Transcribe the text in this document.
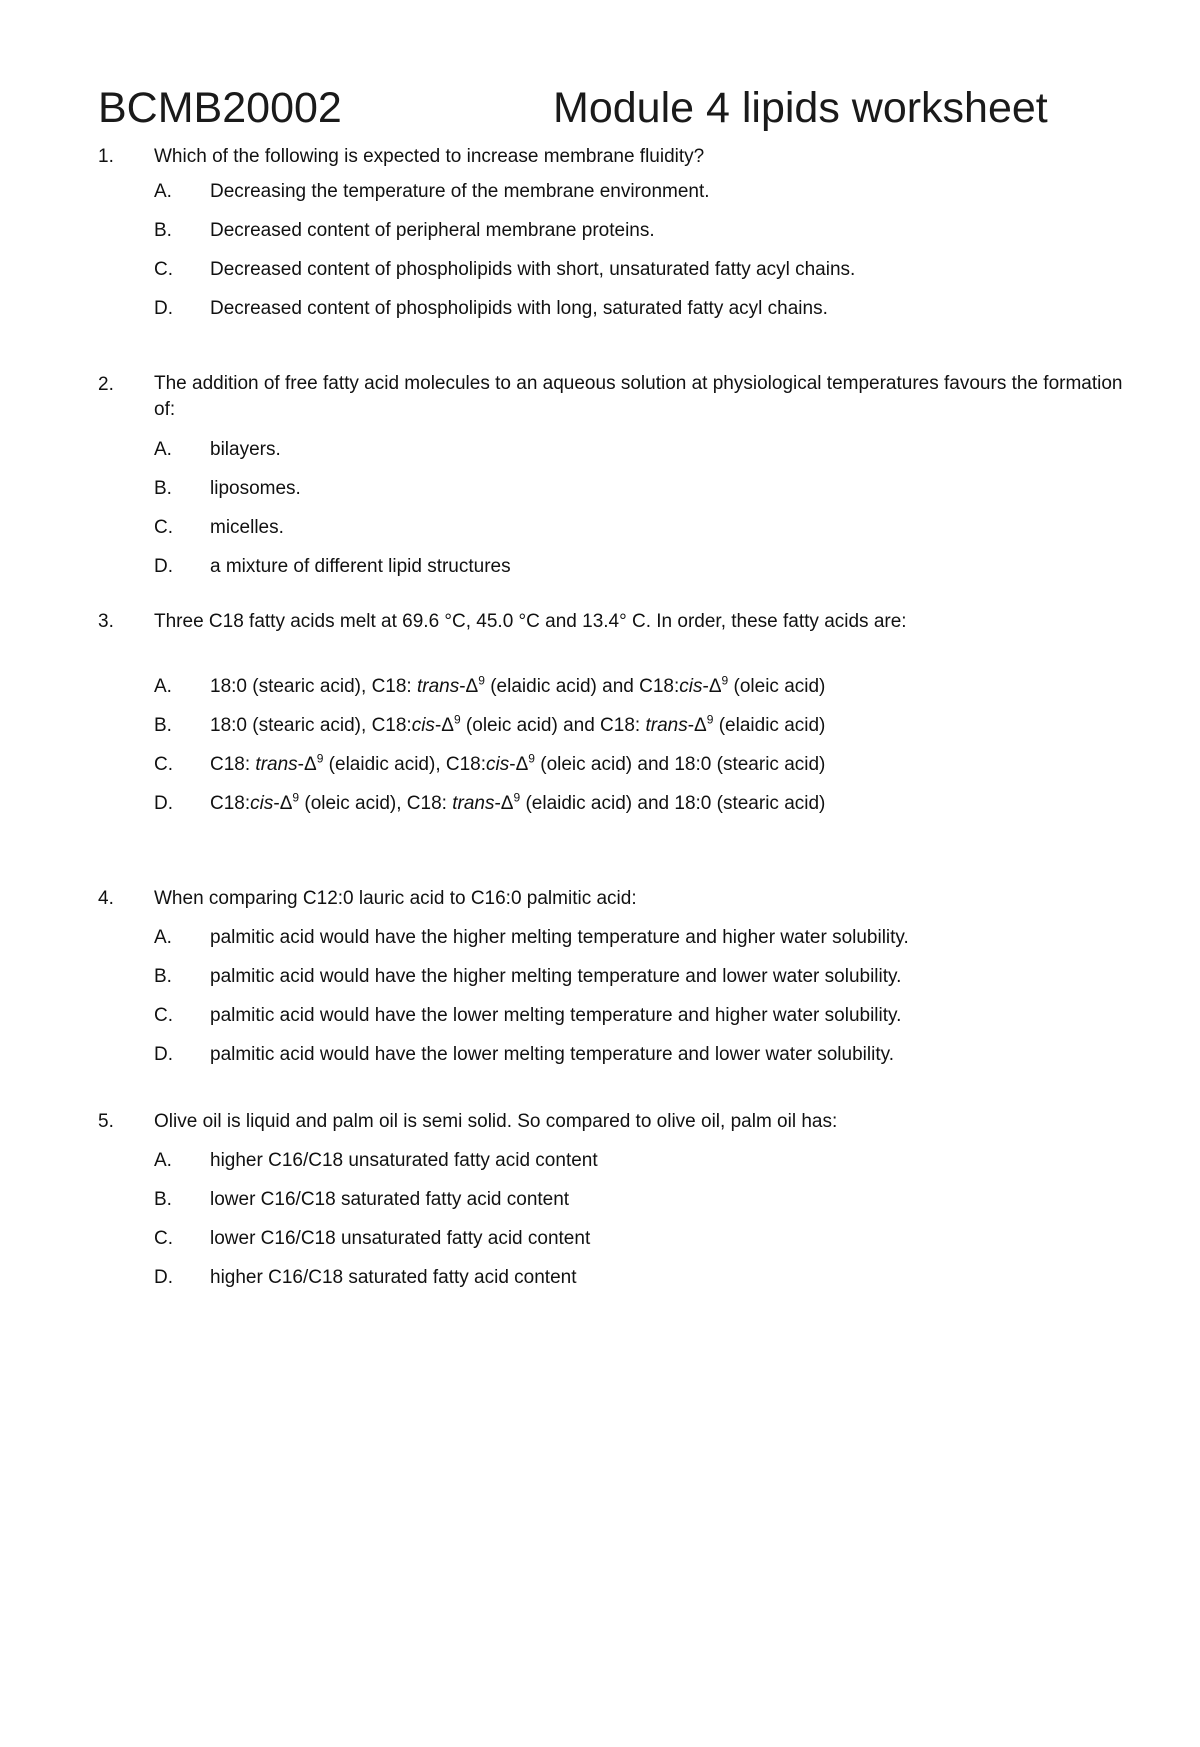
BCMB20002	Module 4 lipids worksheet
1.	Which of the following is expected to increase membrane fluidity?
A.	Decreasing the temperature of the membrane environment.
B.	Decreased content of peripheral membrane proteins.
C.	Decreased content of phospholipids with short, unsaturated fatty acyl chains.
D.	Decreased content of phospholipids with long, saturated fatty acyl chains.
2.	The addition of free fatty acid molecules to an aqueous solution at physiological temperatures favours the formation of:
A.	bilayers.
B.	liposomes.
C.	micelles.
D.	a mixture of different lipid structures
3.	Three C18 fatty acids melt at 69.6 °C, 45.0 °C and 13.4° C. In order, these fatty acids are:
A.	18:0 (stearic acid), C18: trans-$\Delta^9$ (elaidic acid) and $C18:cis-\Delta^9$ (oleic acid)
B.	18:0 (stearic acid), $C18:cis-\Delta^9$ (oleic acid) and C18: trans-$\Delta^9$ (elaidic acid)
C.	C18: trans-$\Delta^9$ (elaidic acid), $C18:cis-\Delta^9$ (oleic acid) and 18:0 (stearic acid)
D.	$C18:cis-\Delta^9$ (oleic acid), C18: trans-$\Delta^9$ (elaidic acid) and 18:0 (stearic acid)
4.	When comparing C12:0 lauric acid to C16:0 palmitic acid:
A.	palmitic acid would have the higher melting temperature and higher water solubility.
B.	palmitic acid would have the higher melting temperature and lower water solubility.
C.	palmitic acid would have the lower melting temperature and higher water solubility.
D.	palmitic acid would have the lower melting temperature and lower water solubility.
5.	Olive oil is liquid and palm oil is semi solid. So compared to olive oil, palm oil has:
A.	higher C16/C18 unsaturated fatty acid content
B.	lower C16/C18 saturated fatty acid content
C.	lower C16/C18 unsaturated fatty acid content
D.	higher C16/C18 saturated fatty acid content
